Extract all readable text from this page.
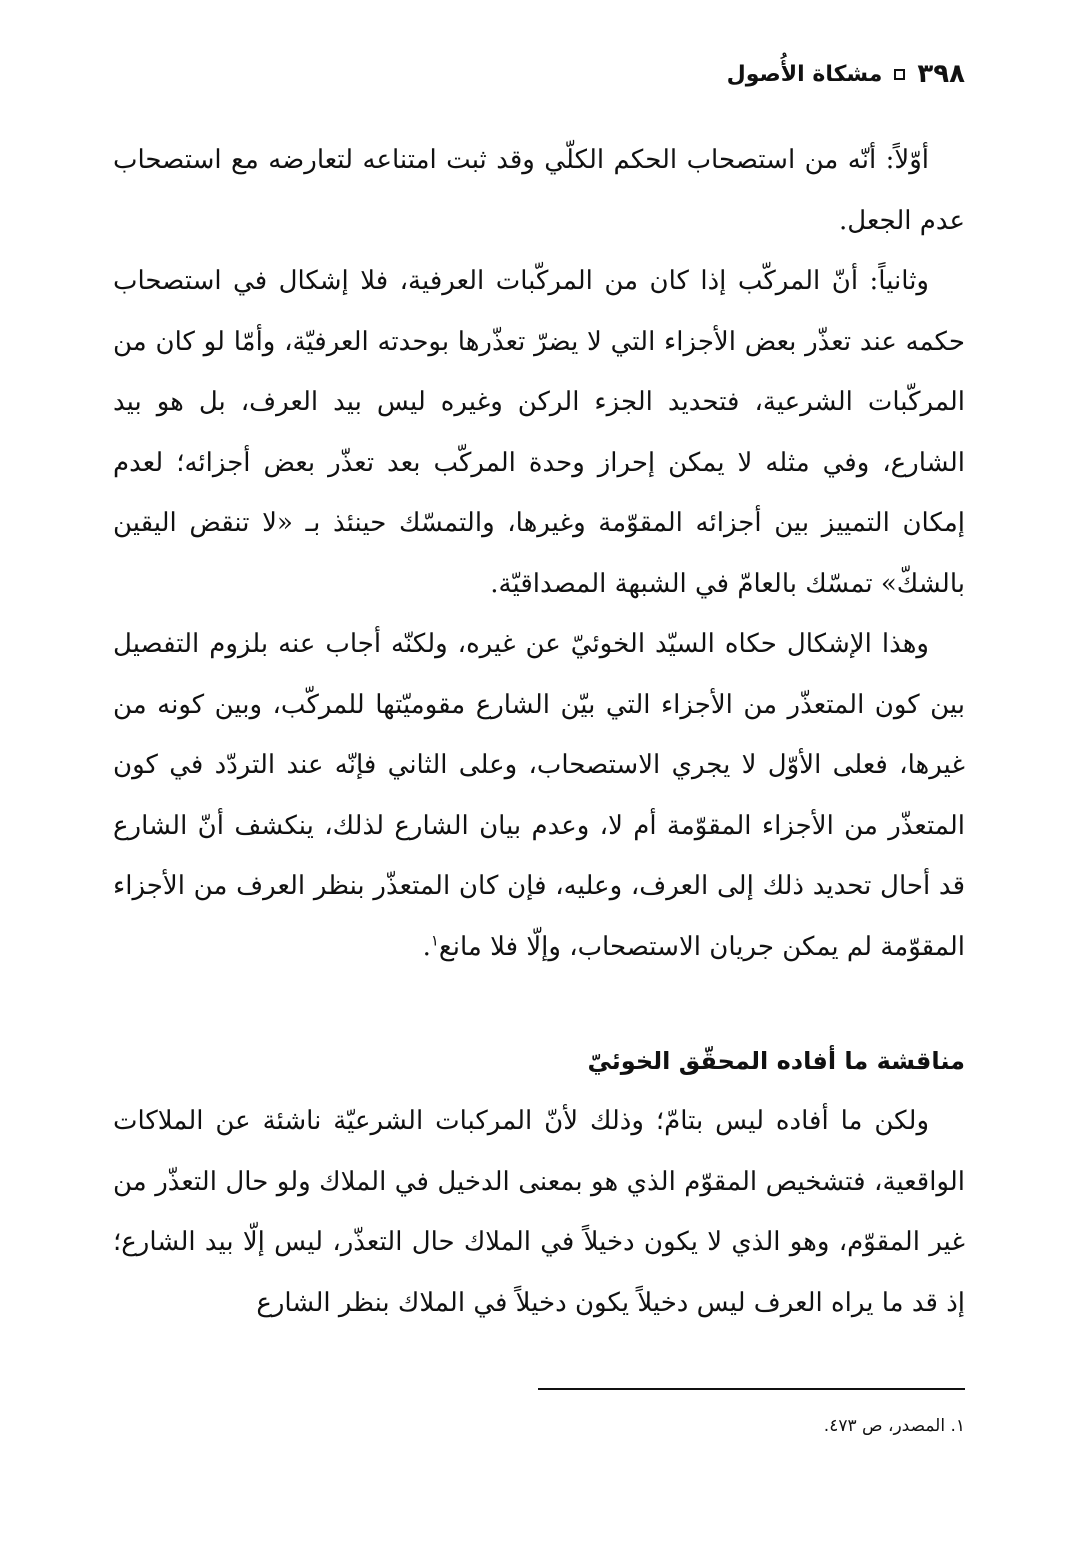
٣٩٨
مشكاة الأُصول

أوّلاً: أنّه من استصحاب الحكم الكلّي وقد ثبت امتناعه لتعارضه مع استصحاب عدم الجعل.

وثانياً: أنّ المركّب إذا كان من المركّبات العرفية، فلا إشكال في استصحاب حكمه عند تعذّر بعض الأجزاء التي لا يضرّ تعذّرها بوحدته العرفيّة، وأمّا لو كان من المركّبات الشرعية، فتحديد الجزء الركن وغيره ليس بيد العرف، بل هو بيد الشارع، وفي مثله لا يمكن إحراز وحدة المركّب بعد تعذّر بعض أجزائه؛ لعدم إمكان التمييز بين أجزائه المقوّمة وغيرها، والتمسّك حينئذ بـ «لا تنقض اليقين بالشكّ» تمسّك بالعامّ في الشبهة المصداقيّة.

وهذا الإشكال حكاه السيّد الخوئيّ عن غيره، ولكنّه أجاب عنه بلزوم التفصيل بين كون المتعذّر من الأجزاء التي بيّن الشارع مقوميّتها للمركّب، وبين كونه من غيرها، فعلى الأوّل لا يجري الاستصحاب، وعلى الثاني فإنّه عند التردّد في كون المتعذّر من الأجزاء المقوّمة أم لا، وعدم بيان الشارع لذلك، ينكشف أنّ الشارع قد أحال تحديد ذلك إلى العرف، وعليه، فإن كان المتعذّر بنظر العرف من الأجزاء المقوّمة لم يمكن جريان الاستصحاب، وإلّا فلا مانع$^١$.

مناقشة ما أفاده المحقّق الخوئيّ

ولكن ما أفاده ليس بتامّ؛ وذلك لأنّ المركبات الشرعيّة ناشئة عن الملاكات الواقعية، فتشخيص المقوّم الذي هو بمعنى الدخيل في الملاك ولو حال التعذّر من غير المقوّم، وهو الذي لا يكون دخيلاً في الملاك حال التعذّر، ليس إلّا بيد الشارع؛ إذ قد ما يراه العرف ليس دخيلاً يكون دخيلاً في الملاك بنظر الشارع

١. المصدر، ص ٤٧٣.
